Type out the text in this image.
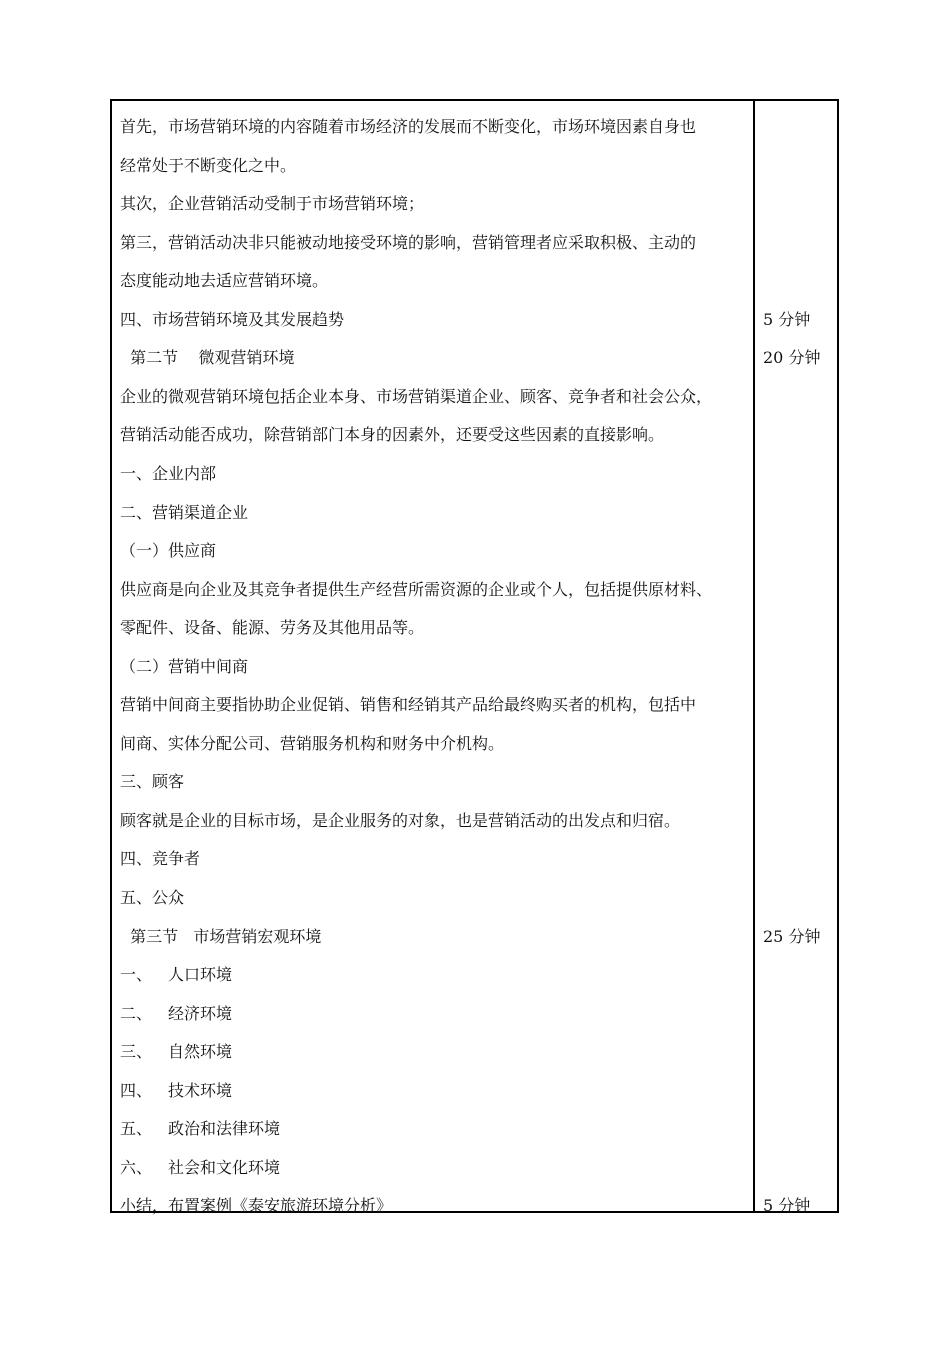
首先，市场营销环境的内容随着市场经济的发展而不断变化，市场环境因素自身也
经常处于不断变化之中。
其次，企业营销活动受制于市场营销环境；
第三，营销活动决非只能被动地接受环境的影响，营销管理者应采取积极、主动的
态度能动地去适应营销环境。
四、市场营销环境及其发展趋势	5 分钟
第二节    微观营销环境	20 分钟
企业的微观营销环境包括企业本身、市场营销渠道企业、顾客、竞争者和社会公众，
营销活动能否成功，除营销部门本身的因素外，还要受这些因素的直接影响。
一、企业内部
二、营销渠道企业
（一）供应商
供应商是向企业及其竞争者提供生产经营所需资源的企业或个人，包括提供原材料、
零配件、设备、能源、劳务及其他用品等。
（二）营销中间商
营销中间商主要指协助企业促销、销售和经销其产品给最终购买者的机构，包括中
间商、实体分配公司、营销服务机构和财务中介机构。
三、顾客
顾客就是企业的目标市场，是企业服务的对象，也是营销活动的出发点和归宿。
四、竞争者
五、公众
第三节   市场营销宏观环境	25 分钟
一、 人口环境
二、 经济环境
三、 自然环境
四、 技术环境
五、 政治和法律环境
六、 社会和文化环境
小结，布置案例《泰安旅游环境分析》	5 分钟
